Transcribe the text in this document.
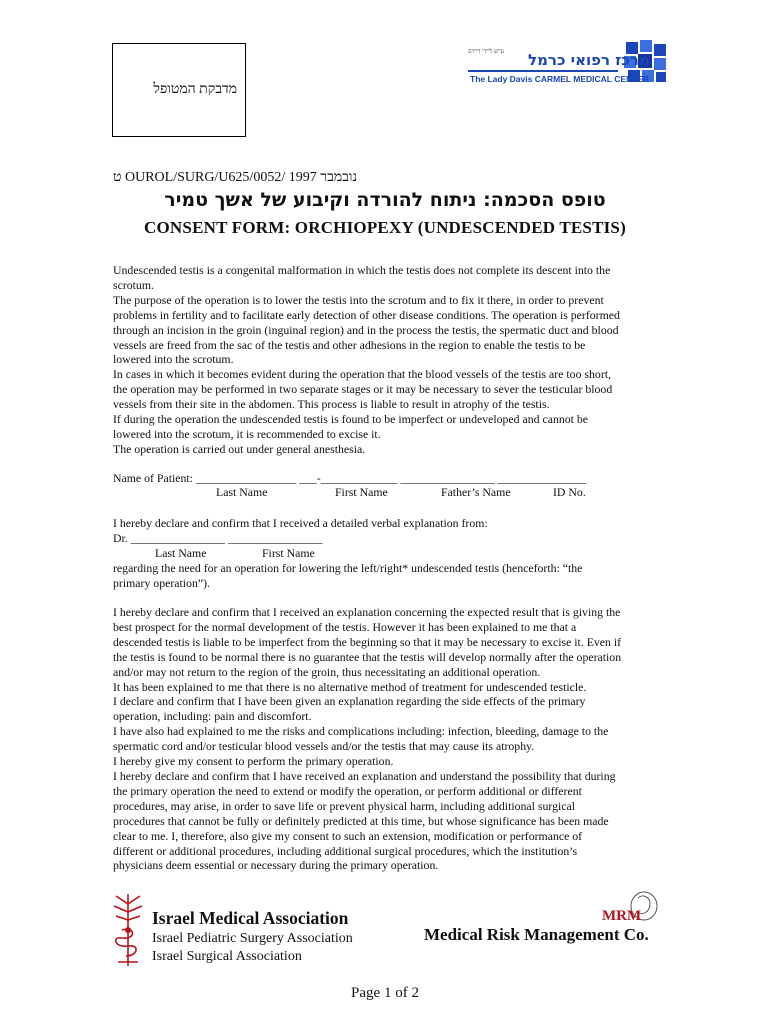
מדבקת המטופל
ע"ש ליידי דייויס מרכז רפואי כרמל
The Lady Davis CARMEL MEDICAL CENTER
ט OUROL/SURG/U625/0052/ נובמבר 1997
טופס הסכמה: ניתוח להורדה וקיבוע של אשך טמיר
CONSENT FORM: ORCHIOPEXY (UNDESCENDED TESTIS)

Undescended testis is a congenital malformation in which the testis does not complete its descent into the

scrotum.

The purpose of the operation is to lower the testis into the scrotum and to fix it there, in order to prevent

problems in fertility and to facilitate early detection of other disease conditions. The operation is performed

through an incision in the groin (inguinal region) and in the process the testis, the spermatic duct and blood

vessels are freed from the sac of the testis and other adhesions in the region to enable the testis to be

lowered into the scrotum.

In cases in which it becomes evident during the operation that the blood vessels of the testis are too short,

the operation may be performed in two separate stages or it may be necessary to sever the testicular blood

vessels from their site in the abdomen. This process is liable to result in atrophy of the testis.

If during the operation the undescended testis is found to be imperfect or undeveloped and cannot be

lowered into the scrotum, it is recommended to excise it.

The operation is carried out under general anesthesia.

Name of Patient: _________________ ___-_____________ ________________ _______________
Last Name	First Name	Father’s Name	ID No.
I hereby declare and confirm that I received a detailed verbal explanation from:
Dr. ________________ ________________
Last Name	First Name
regarding the need for an operation for lowering the left/right* undescended testis (henceforth: “the
primary operation”).

I hereby declare and confirm that I received an explanation concerning the expected result that is giving the

best prospect for the normal development of the testis. However it has been explained to me that a

descended testis is liable to be imperfect from the beginning so that it may be necessary to excise it. Even if

the testis is found to be normal there is no guarantee that the testis will develop normally after the operation

and/or may not return to the region of the groin, thus necessitating an additional operation.

It has been explained to me that there is no alternative method of treatment for undescended testicle.

I declare and confirm that I have been given an explanation regarding the side effects of the primary

operation, including: pain and discomfort.

I have also had explained to me the risks and complications including: infection, bleeding, damage to the

spermatic cord and/or testicular blood vessels and/or the testis that may cause its atrophy.

I hereby give my consent to perform the primary operation.

I hereby declare and confirm that I have received an explanation and understand the possibility that during

the primary operation the need to extend or modify the operation, or perform additional or different

procedures, may arise, in order to save life or prevent physical harm, including additional surgical

procedures that cannot be fully or definitely predicted at this time, but whose significance has been made

clear to me. I, therefore, also give my consent to such an extension, modification or performance of

different or additional procedures, including additional surgical procedures, which the institution’s

physicians deem essential or necessary during the primary operation.

Israel Medical Association
Israel Pediatric Surgery Association
Israel Surgical Association
MRM
Medical Risk Management Co.
Page 1 of 2
